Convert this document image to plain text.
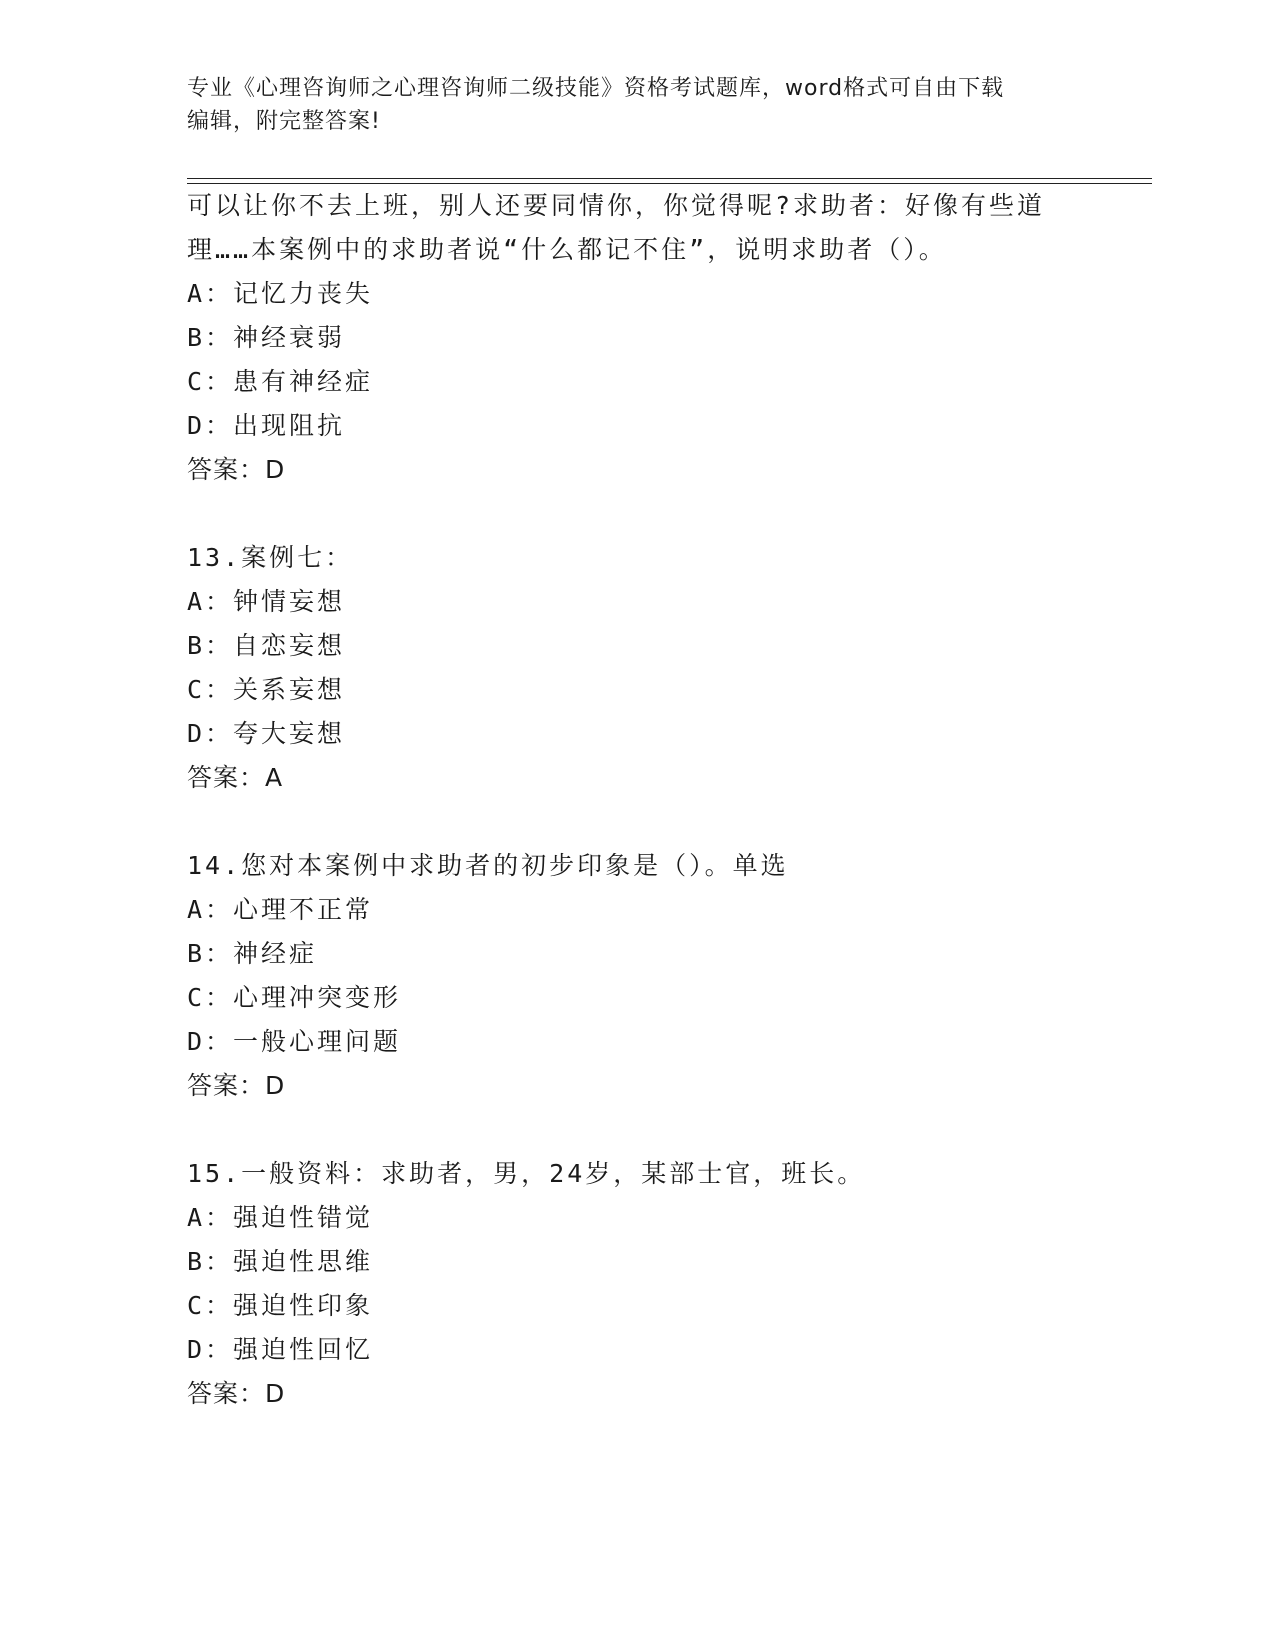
专业《心理咨询师之心理咨询师二级技能》资格考试题库，word格式可自由下载
编辑，附完整答案!
可以让你不去上班，别人还要同情你，你觉得呢?求助者：好像有些道
理……本案例中的求助者说“什么都记不住”，说明求助者（）。
A：记忆力丧失
B：神经衰弱
C：患有神经症
D：出现阻抗
答案：D
13.案例七：
A：钟情妄想
B：自恋妄想
C：关系妄想
D：夸大妄想
答案：A
14.您对本案例中求助者的初步印象是（）。单选
A：心理不正常
B：神经症
C：心理冲突变形
D：一般心理问题
答案：D
15.一般资料：求助者，男，24岁，某部士官，班长。
A：强迫性错觉
B：强迫性思维
C：强迫性印象
D：强迫性回忆
答案：D
